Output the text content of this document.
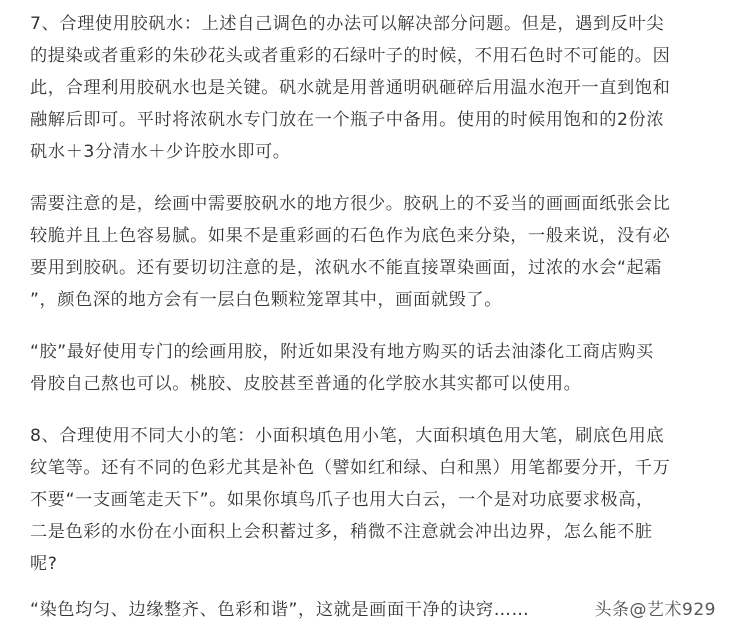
7、合理使用胶矾水：上述自己调色的办法可以解决部分问题。但是，遇到反叶尖
的提染或者重彩的朱砂花头或者重彩的石绿叶子的时候，不用石色时不可能的。因
此，合理利用胶矾水也是关键。矾水就是用普通明矾砸碎后用温水泡开一直到饱和
融解后即可。平时将浓矾水专门放在一个瓶子中备用。使用的时候用饱和的2份浓
矾水＋3分清水＋少许胶水即可。

需要注意的是，绘画中需要胶矾水的地方很少。胶矾上的不妥当的画画面纸张会比
较脆并且上色容易腻。如果不是重彩画的石色作为底色来分染，一般来说，没有必
要用到胶矾。还有要切切注意的是，浓矾水不能直接罩染画面，过浓的水会“起霜
”，颜色深的地方会有一层白色颗粒笼罩其中，画面就毁了。

“胶”最好使用专门的绘画用胶，附近如果没有地方购买的话去油漆化工商店购买
骨胶自己熬也可以。桃胶、皮胶甚至普通的化学胶水其实都可以使用。

8、合理使用不同大小的笔：小面积填色用小笔，大面积填色用大笔，刷底色用底
纹笔等。还有不同的色彩尤其是补色（譬如红和绿、白和黑）用笔都要分开，千万
不要“一支画笔走天下”。如果你填鸟爪子也用大白云，一个是对功底要求极高，
二是色彩的水份在小面积上会积蓄过多，稍微不注意就会冲出边界，怎么能不脏
呢?

“染色均匀、边缘整齐、色彩和谐”，这就是画面干净的诀窍……	头条@艺术929
